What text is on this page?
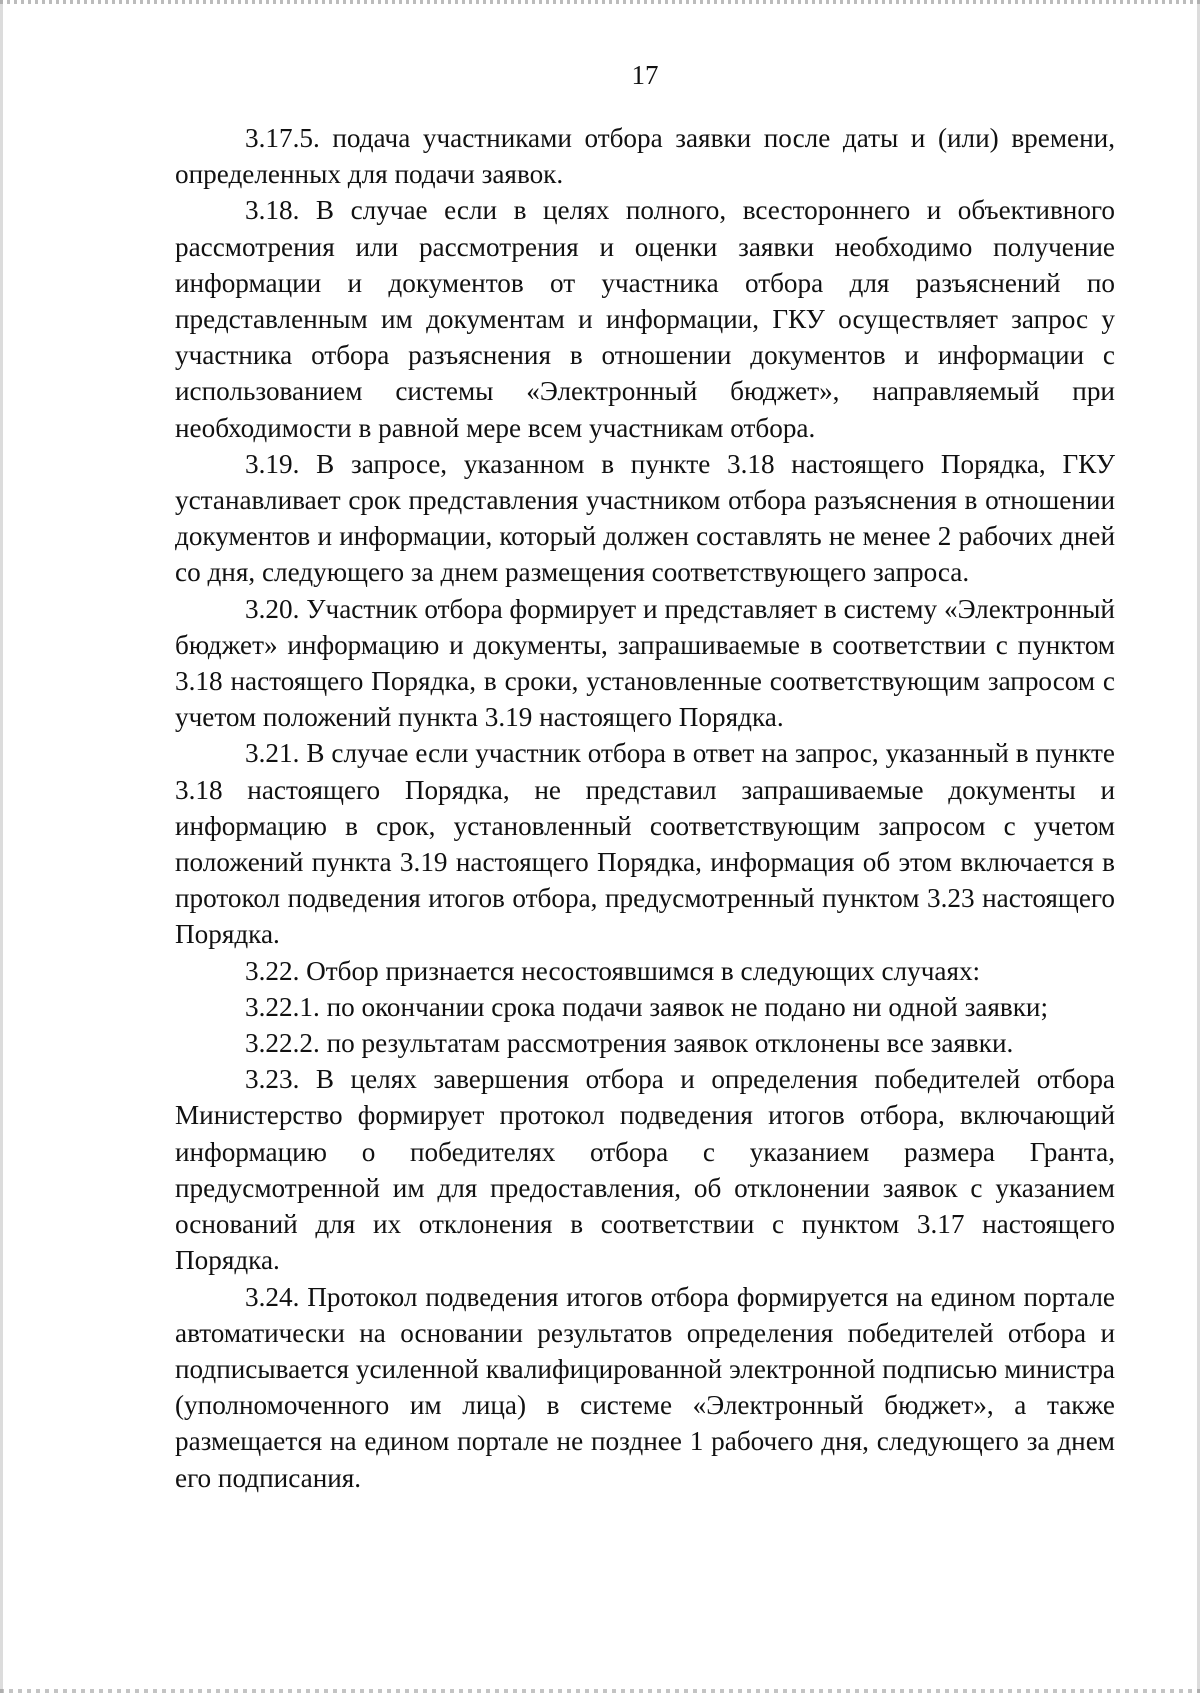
17

3.17.5. подача участниками отбора заявки после даты и (или) времени, определенных для подачи заявок.

3.18. В случае если в целях полного, всестороннего и объективного рассмотрения или рассмотрения и оценки заявки необходимо получение информации и документов от участника отбора для разъяснений по представленным им документам и информации, ГКУ осуществляет запрос у участника отбора разъяснения в отношении документов и информации с использованием системы «Электронный бюджет», направляемый при необходимости в равной мере всем участникам отбора.

3.19. В запросе, указанном в пункте 3.18 настоящего Порядка, ГКУ устанавливает срок представления участником отбора разъяснения в отношении документов и информации, который должен составлять не менее 2 рабочих дней со дня, следующего за днем размещения соответствующего запроса.

3.20. Участник отбора формирует и представляет в систему «Электронный бюджет» информацию и документы, запрашиваемые в соответствии с пунктом 3.18 настоящего Порядка, в сроки, установленные соответствующим запросом с учетом положений пункта 3.19 настоящего Порядка.

3.21. В случае если участник отбора в ответ на запрос, указанный в пункте 3.18 настоящего Порядка, не представил запрашиваемые документы и информацию в срок, установленный соответствующим запросом с учетом положений пункта 3.19 настоящего Порядка, информация об этом включается в протокол подведения итогов отбора, предусмотренный пунктом 3.23 настоящего Порядка.

3.22. Отбор признается несостоявшимся в следующих случаях:

3.22.1. по окончании срока подачи заявок не подано ни одной заявки;

3.22.2. по результатам рассмотрения заявок отклонены все заявки.

3.23. В целях завершения отбора и определения победителей отбора Министерство формирует протокол подведения итогов отбора, включающий информацию о победителях отбора с указанием размера Гранта, предусмотренной им для предоставления, об отклонении заявок с указанием оснований для их отклонения в соответствии с пунктом 3.17 настоящего Порядка.

3.24. Протокол подведения итогов отбора формируется на едином портале автоматически на основании результатов определения победителей отбора и подписывается усиленной квалифицированной электронной подписью министра (уполномоченного им лица) в системе «Электронный бюджет», а также размещается на едином портале не позднее 1 рабочего дня, следующего за днем его подписания.
